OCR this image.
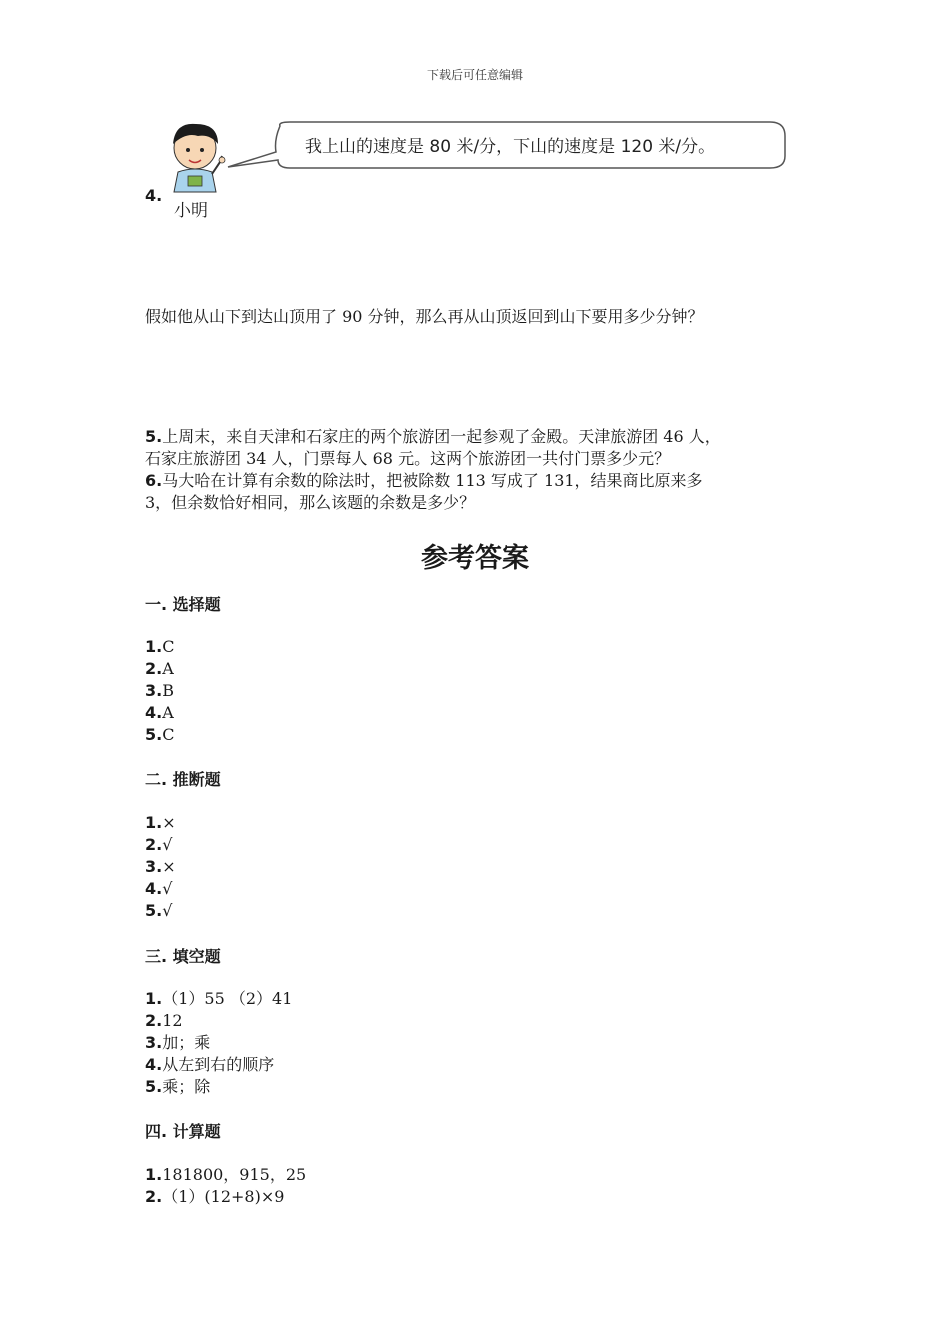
下载后可任意编辑
我上山的速度是 80 米/分，下山的速度是 120 米/分。
4.
小明
假如他从山下到达山顶用了 90 分钟，那么再从山顶返回到山下要用多少分钟？
5.上周末，来自天津和石家庄的两个旅游团一起参观了金殿。天津旅游团 46 人，
石家庄旅游团 34 人，门票每人 68 元。这两个旅游团一共付门票多少元？
6.马大哈在计算有余数的除法时，把被除数 113 写成了 131，结果商比原来多
3，但余数恰好相同，那么该题的余数是多少？
参考答案
一. 选择题
1.C
2.A
3.B
4.A
5.C
二. 推断题
1.×
2.√
3.×
4.√
5.√
三. 填空题
1.（1）55 （2）41
2.12
3.加；乘
4.从左到右的顺序
5.乘；除
四. 计算题
1.181800，915，25
2.（1）(12+8)×9
